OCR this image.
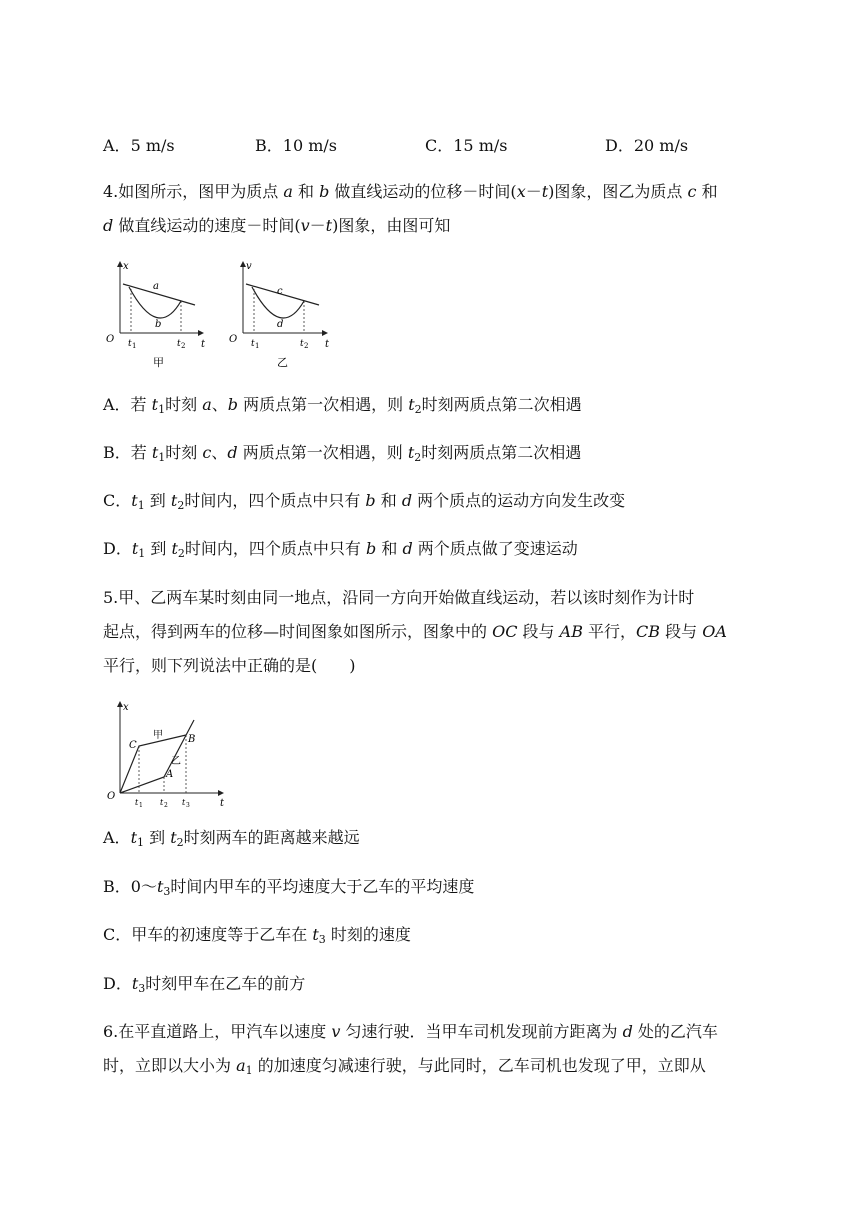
A．5 m/s	B．10 m/s	C．15 m/s	D．20 m/s
4.如图所示，图甲为质点 a 和 b 做直线运动的位移－时间(x－t)图象，图乙为质点 c 和
d 做直线运动的速度－时间(v－t)图象，由图可知
x
t
O
a
b
t 1	t 2
甲
v
t
O
c
d
t 1	t 2
乙
A．若 $t_1$时刻 a、b 两质点第一次相遇，则 $t_2$时刻两质点第二次相遇
B．若 $t_1$时刻 c、d 两质点第一次相遇，则 $t_2$时刻两质点第二次相遇
C．$t_1$ 到 $t_2$时间内，四个质点中只有 b 和 d 两个质点的运动方向发生改变
D．$t_1$ 到 $t_2$时间内，四个质点中只有 b 和 d 两个质点做了变速运动
5.甲、乙两车某时刻由同一地点，沿同一方向开始做直线运动，若以该时刻作为计时
起点，得到两车的位移—时间图象如图所示，图象中的 OC 段与 AB 平行，CB 段与 OA
平行，则下列说法中正确的是(　　)
x
t
O
C
B
A
甲
乙
t 1 t 2 t 3
A．$t_1$ 到 $t_2$时刻两车的距离越来越远
B．$0\sim t_3$时间内甲车的平均速度大于乙车的平均速度
C．甲车的初速度等于乙车在 $t_3$ 时刻的速度
D．$t_3$时刻甲车在乙车的前方
6.在平直道路上，甲汽车以速度 v 匀速行驶．当甲车司机发现前方距离为 d 处的乙汽车
时，立即以大小为 $a_1$ 的加速度匀减速行驶，与此同时，乙车司机也发现了甲，立即从
